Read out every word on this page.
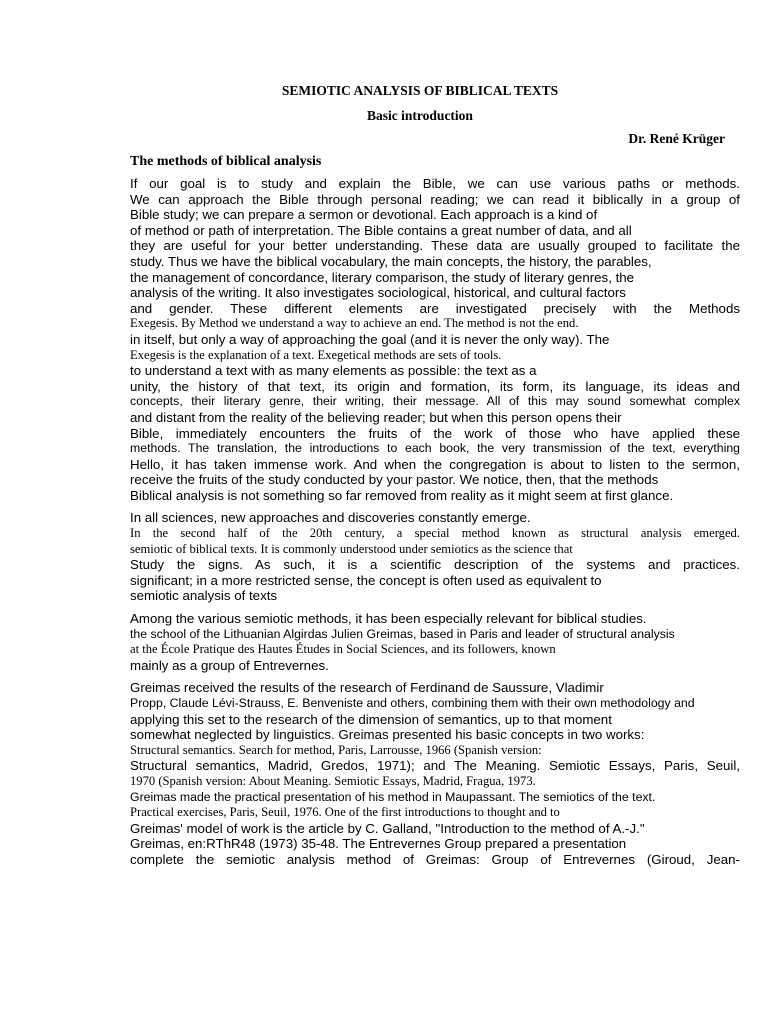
SEMIOTIC ANALYSIS OF BIBLICAL TEXTS
Basic introduction
Dr. René Krüger
The methods of biblical analysis
If our goal is to study and explain the Bible, we can use various paths or methods.
We can approach the Bible through personal reading; we can read it biblically in a group of
Bible study; we can prepare a sermon or devotional. Each approach is a kind of
of method or path of interpretation. The Bible contains a great number of data, and all
they are useful for your better understanding. These data are usually grouped to facilitate the
study. Thus we have the biblical vocabulary, the main concepts, the history, the parables,
the management of concordance, literary comparison, the study of literary genres, the
analysis of the writing. It also investigates sociological, historical, and cultural factors
and gender. These different elements are investigated precisely with the Methods
Exegesis. By Method we understand a way to achieve an end. The method is not the end.
in itself, but only a way of approaching the goal (and it is never the only way). The
Exegesis is the explanation of a text. Exegetical methods are sets of tools.
to understand a text with as many elements as possible: the text as a
unity, the history of that text, its origin and formation, its form, its language, its ideas and
concepts, their literary genre, their writing, their message. All of this may sound somewhat complex
and distant from the reality of the believing reader; but when this person opens their
Bible, immediately encounters the fruits of the work of those who have applied these
methods. The translation, the introductions to each book, the very transmission of the text, everything
Hello, it has taken immense work. And when the congregation is about to listen to the sermon,
receive the fruits of the study conducted by your pastor. We notice, then, that the methods
Biblical analysis is not something so far removed from reality as it might seem at first glance.
In all sciences, new approaches and discoveries constantly emerge.
In the second half of the 20th century, a special method known as structural analysis emerged.
semiotic of biblical texts. It is commonly understood under semiotics as the science that
Study the signs. As such, it is a scientific description of the systems and practices.
significant; in a more restricted sense, the concept is often used as equivalent to
semiotic analysis of texts
Among the various semiotic methods, it has been especially relevant for biblical studies.
the school of the Lithuanian Algirdas Julien Greimas, based in Paris and leader of structural analysis
at the École Pratique des Hautes Études in Social Sciences, and its followers, known
mainly as a group of Entrevernes.
Greimas received the results of the research of Ferdinand de Saussure, Vladimir
Propp, Claude Lévi-Strauss, E. Benveniste and others, combining them with their own methodology and
applying this set to the research of the dimension of semantics, up to that moment
somewhat neglected by linguistics. Greimas presented his basic concepts in two works:
Structural semantics. Search for method, Paris, Larrousse, 1966 (Spanish version:
Structural semantics, Madrid, Gredos, 1971); and The Meaning. Semiotic Essays, Paris, Seuil,
1970 (Spanish version: About Meaning. Semiotic Essays, Madrid, Fragua, 1973.
Greimas made the practical presentation of his method in Maupassant. The semiotics of the text.
Practical exercises, Paris, Seuil, 1976. One of the first introductions to thought and to
Greimas' model of work is the article by C. Galland, "Introduction to the method of A.-J."
Greimas, en:RThR48 (1973) 35-48. The Entrevernes Group prepared a presentation
complete the semiotic analysis method of Greimas: Group of Entrevernes (Giroud, Jean-
